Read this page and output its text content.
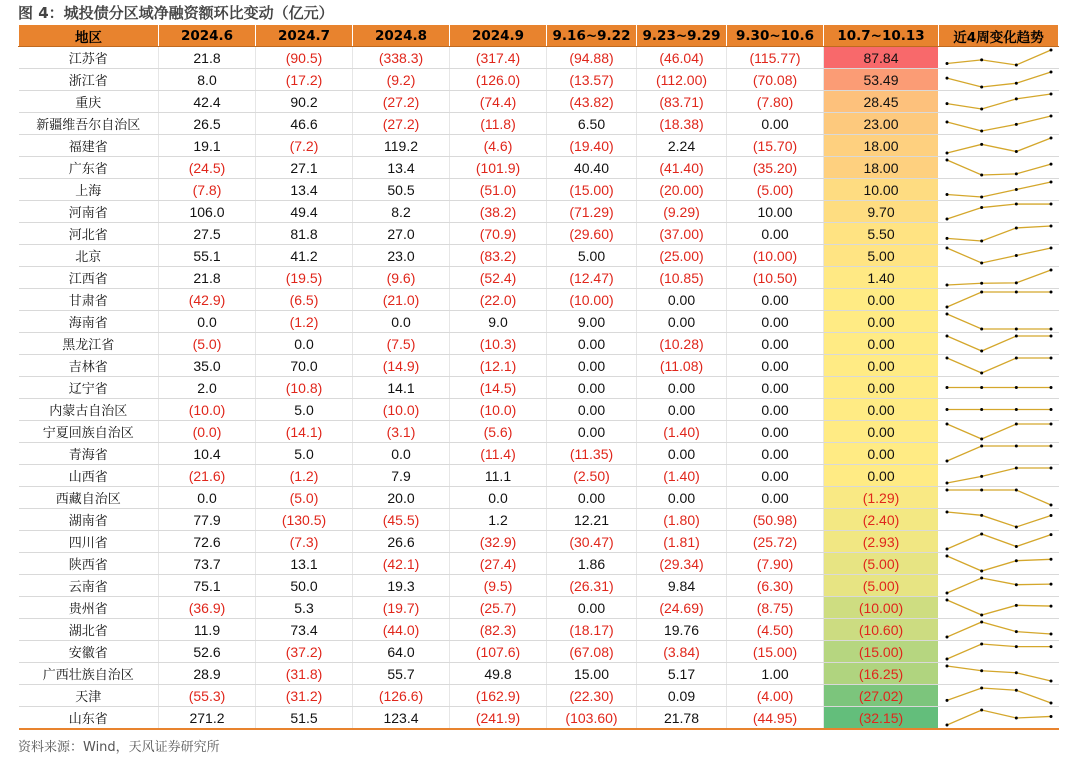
图 4：城投债分区域净融资额环比变动（亿元）
地区	2024.6	2024.7	2024.8	2024.9	9.16~9.22	9.23~9.29	9.30~10.6	10.7~10.13	近4周变化趋势
江苏省	21.8	(90.5)	(338.3)	(317.4)	(94.88)	(46.04)	(115.77)	87.84	

浙江省	8.0	(17.2)	(9.2)	(126.0)	(13.57)	(112.00)	(70.08)	53.49	

重庆	42.4	90.2	(27.2)	(74.4)	(43.82)	(83.71)	(7.80)	28.45	

新疆维吾尔自治区	26.5	46.6	(27.2)	(11.8)	6.50	(18.38)	0.00	23.00	

福建省	19.1	(7.2)	119.2	(4.6)	(19.40)	2.24	(15.70)	18.00	

广东省	(24.5)	27.1	13.4	(101.9)	40.40	(41.40)	(35.20)	18.00	

上海	(7.8)	13.4	50.5	(51.0)	(15.00)	(20.00)	(5.00)	10.00	

河南省	106.0	49.4	8.2	(38.2)	(71.29)	(9.29)	10.00	9.70	

河北省	27.5	81.8	27.0	(70.9)	(29.60)	(37.00)	0.00	5.50	

北京	55.1	41.2	23.0	(83.2)	5.00	(25.00)	(10.00)	5.00	

江西省	21.8	(19.5)	(9.6)	(52.4)	(12.47)	(10.85)	(10.50)	1.40	

甘肃省	(42.9)	(6.5)	(21.0)	(22.0)	(10.00)	0.00	0.00	0.00	

海南省	0.0	(1.2)	0.0	9.0	9.00	0.00	0.00	0.00	

黑龙江省	(5.0)	0.0	(7.5)	(10.3)	0.00	(10.28)	0.00	0.00	

吉林省	35.0	70.0	(14.9)	(12.1)	0.00	(11.08)	0.00	0.00	

辽宁省	2.0	(10.8)	14.1	(14.5)	0.00	0.00	0.00	0.00	

内蒙古自治区	(10.0)	5.0	(10.0)	(10.0)	0.00	0.00	0.00	0.00	

宁夏回族自治区	(0.0)	(14.1)	(3.1)	(5.6)	0.00	(1.40)	0.00	0.00	

青海省	10.4	5.0	0.0	(11.4)	(11.35)	0.00	0.00	0.00	

山西省	(21.6)	(1.2)	7.9	11.1	(2.50)	(1.40)	0.00	0.00	

西藏自治区	0.0	(5.0)	20.0	0.0	0.00	0.00	0.00	(1.29)	

湖南省	77.9	(130.5)	(45.5)	1.2	12.21	(1.80)	(50.98)	(2.40)	

四川省	72.6	(7.3)	26.6	(32.9)	(30.47)	(1.81)	(25.72)	(2.93)	

陕西省	73.7	13.1	(42.1)	(27.4)	1.86	(29.34)	(7.90)	(5.00)	

云南省	75.1	50.0	19.3	(9.5)	(26.31)	9.84	(6.30)	(5.00)	

贵州省	(36.9)	5.3	(19.7)	(25.7)	0.00	(24.69)	(8.75)	(10.00)	

湖北省	11.9	73.4	(44.0)	(82.3)	(18.17)	19.76	(4.50)	(10.60)	

安徽省	52.6	(37.2)	64.0	(107.6)	(67.08)	(3.84)	(15.00)	(15.00)	

广西壮族自治区	28.9	(31.8)	55.7	49.8	15.00	5.17	1.00	(16.25)	

天津	(55.3)	(31.2)	(126.6)	(162.9)	(22.30)	0.09	(4.00)	(27.02)	

山东省	271.2	51.5	123.4	(241.9)	(103.60)	21.78	(44.95)	(32.15)	
资料来源：Wind，天风证券研究所
